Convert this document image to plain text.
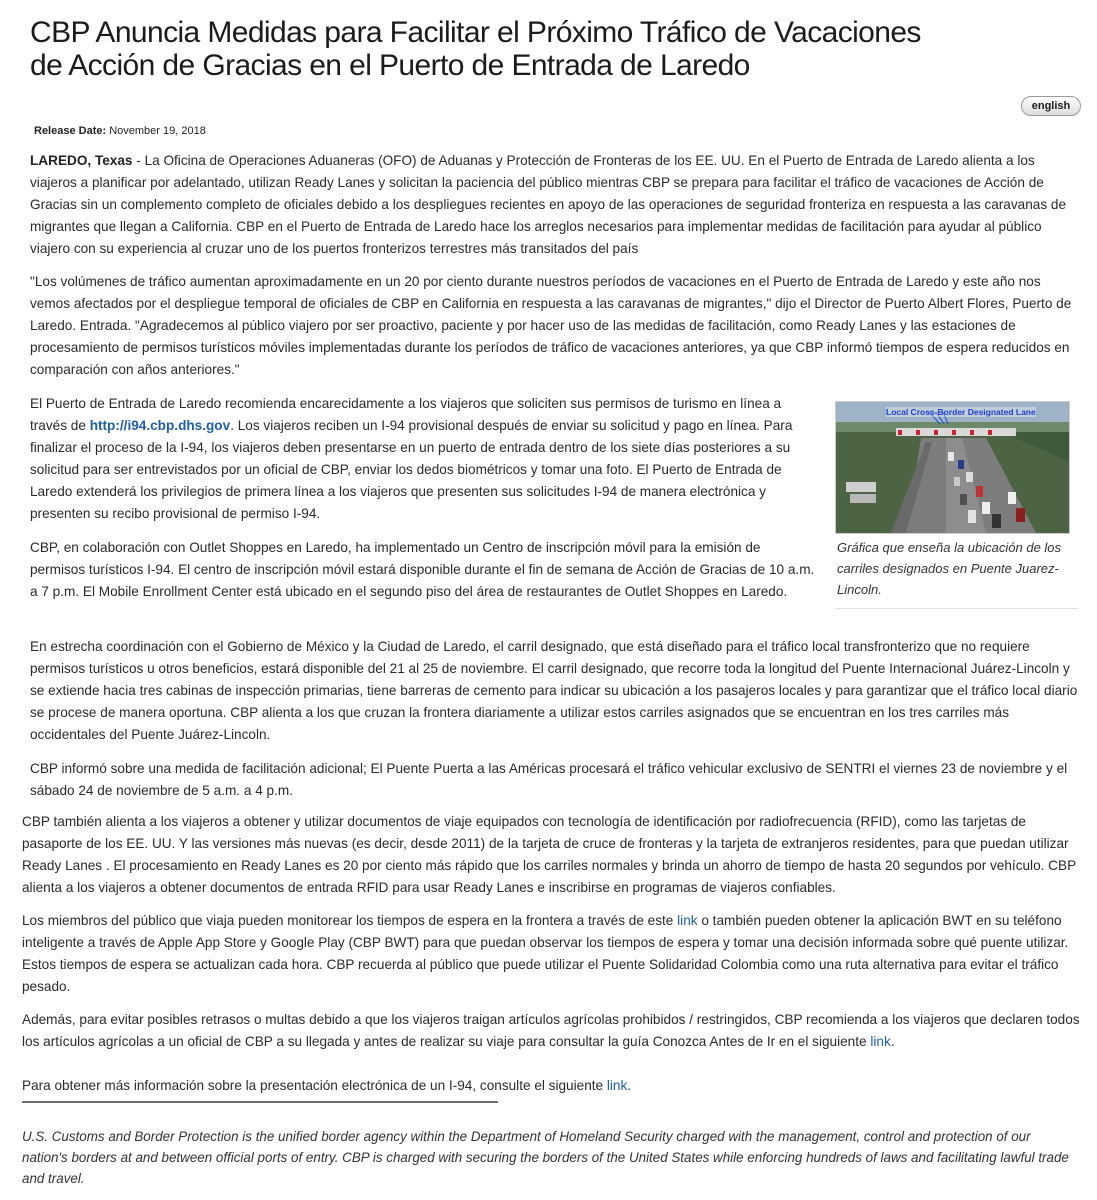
CBP Anuncia Medidas para Facilitar el Próximo Tráfico de Vacaciones de Acción de Gracias en el Puerto de Entrada de Laredo
english
Release Date: November 19, 2018

LAREDO, Texas - La Oficina de Operaciones Aduaneras (OFO) de Aduanas y Protección de Fronteras de los EE. UU. En el Puerto de Entrada de Laredo alienta a los viajeros a planificar por adelantado, utilizan Ready Lanes y solicitan la paciencia del público mientras CBP se prepara para facilitar el tráfico de vacaciones de Acción de Gracias sin un complemento completo de oficiales debido a los despliegues recientes en apoyo de las operaciones de seguridad fronteriza en respuesta a las caravanas de migrantes que llegan a California. CBP en el Puerto de Entrada de Laredo hace los arreglos necesarios para implementar medidas de facilitación para ayudar al público viajero con su experiencia al cruzar uno de los puertos fronterizos terrestres más transitados del país

"Los volúmenes de tráfico aumentan aproximadamente en un 20 por ciento durante nuestros períodos de vacaciones en el Puerto de Entrada de Laredo y este año nos vemos afectados por el despliegue temporal de oficiales de CBP en California en respuesta a las caravanas de migrantes," dijo el Director de Puerto Albert Flores, Puerto de Laredo. Entrada. "Agradecemos al público viajero por ser proactivo, paciente y por hacer uso de las medidas de facilitación, como Ready Lanes y las estaciones de procesamiento de permisos turísticos móviles implementadas durante los períodos de tráfico de vacaciones anteriores, ya que CBP informó tiempos de espera reducidos en comparación con años anteriores."

El Puerto de Entrada de Laredo recomienda encarecidamente a los viajeros que soliciten sus permisos de turismo en línea a través de http://i94.cbp.dhs.gov. Los viajeros reciben un I-94 provisional después de enviar su solicitud y pago en línea. Para finalizar el proceso de la I-94, los viajeros deben presentarse en un puerto de entrada dentro de los siete días posteriores a su solicitud para ser entrevistados por un oficial de CBP, enviar los dedos biométricos y tomar una foto. El Puerto de Entrada de Laredo extenderá los privilegios de primera línea a los viajeros que presenten sus solicitudes I-94 de manera electrónica y presenten su recibo provisional de permiso I-94.

Local Cross-Border Designated Lane
Gráfica que enseña la ubicación de los carriles designados en Puente Juarez-Lincoln.

CBP, en colaboración con Outlet Shoppes en Laredo, ha implementado un Centro de inscripción móvil para la emisión de permisos turísticos I-94. El centro de inscripción móvil estará disponible durante el fin de semana de Acción de Gracias de 10 a.m. a 7 p.m. El Mobile Enrollment Center está ubicado en el segundo piso del área de restaurantes de Outlet Shoppes en Laredo.

En estrecha coordinación con el Gobierno de México y la Ciudad de Laredo, el carril designado, que está diseñado para el tráfico local transfronterizo que no requiere permisos turísticos u otros beneficios, estará disponible del 21 al 25 de noviembre. El carril designado, que recorre toda la longitud del Puente Internacional Juárez-Lincoln y se extiende hacia tres cabinas de inspección primarias, tiene barreras de cemento para indicar su ubicación a los pasajeros locales y para garantizar que el tráfico local diario se procese de manera oportuna. CBP alienta a los que cruzan la frontera diariamente a utilizar estos carriles asignados que se encuentran en los tres carriles más occidentales del Puente Juárez-Lincoln.

CBP informó sobre una medida de facilitación adicional; El Puente Puerta a las Américas procesará el tráfico vehicular exclusivo de SENTRI el viernes 23 de noviembre y el sábado 24 de noviembre de 5 a.m. a 4 p.m.

CBP también alienta a los viajeros a obtener y utilizar documentos de viaje equipados con tecnología de identificación por radiofrecuencia (RFID), como las tarjetas de pasaporte de los EE. UU. Y las versiones más nuevas (es decir, desde 2011) de la tarjeta de cruce de fronteras y la tarjeta de extranjeros residentes, para que puedan utilizar Ready Lanes . El procesamiento en Ready Lanes es 20 por ciento más rápido que los carriles normales y brinda un ahorro de tiempo de hasta 20 segundos por vehículo. CBP alienta a los viajeros a obtener documentos de entrada RFID para usar Ready Lanes e inscribirse en programas de viajeros confiables.

Los miembros del público que viaja pueden monitorear los tiempos de espera en la frontera a través de este link o también pueden obtener la aplicación BWT en su teléfono inteligente a través de Apple App Store y Google Play (CBP BWT) para que puedan observar los tiempos de espera y tomar una decisión informada sobre qué puente utilizar. Estos tiempos de espera se actualizan cada hora. CBP recuerda al público que puede utilizar el Puente Solidaridad Colombia como una ruta alternativa para evitar el tráfico pesado.

Además, para evitar posibles retrasos o multas debido a que los viajeros traigan artículos agrícolas prohibidos / restringidos, CBP recomienda a los viajeros que declaren todos los artículos agrícolas a un oficial de CBP a su llegada y antes de realizar su viaje para consultar la guía Conozca Antes de Ir en el siguiente link.

Para obtener más información sobre la presentación electrónica de un I-94, consulte el siguiente link.

U.S. Customs and Border Protection is the unified border agency within the Department of Homeland Security charged with the management, control and protection of our nation's borders at and between official ports of entry. CBP is charged with securing the borders of the United States while enforcing hundreds of laws and facilitating lawful trade and travel.
